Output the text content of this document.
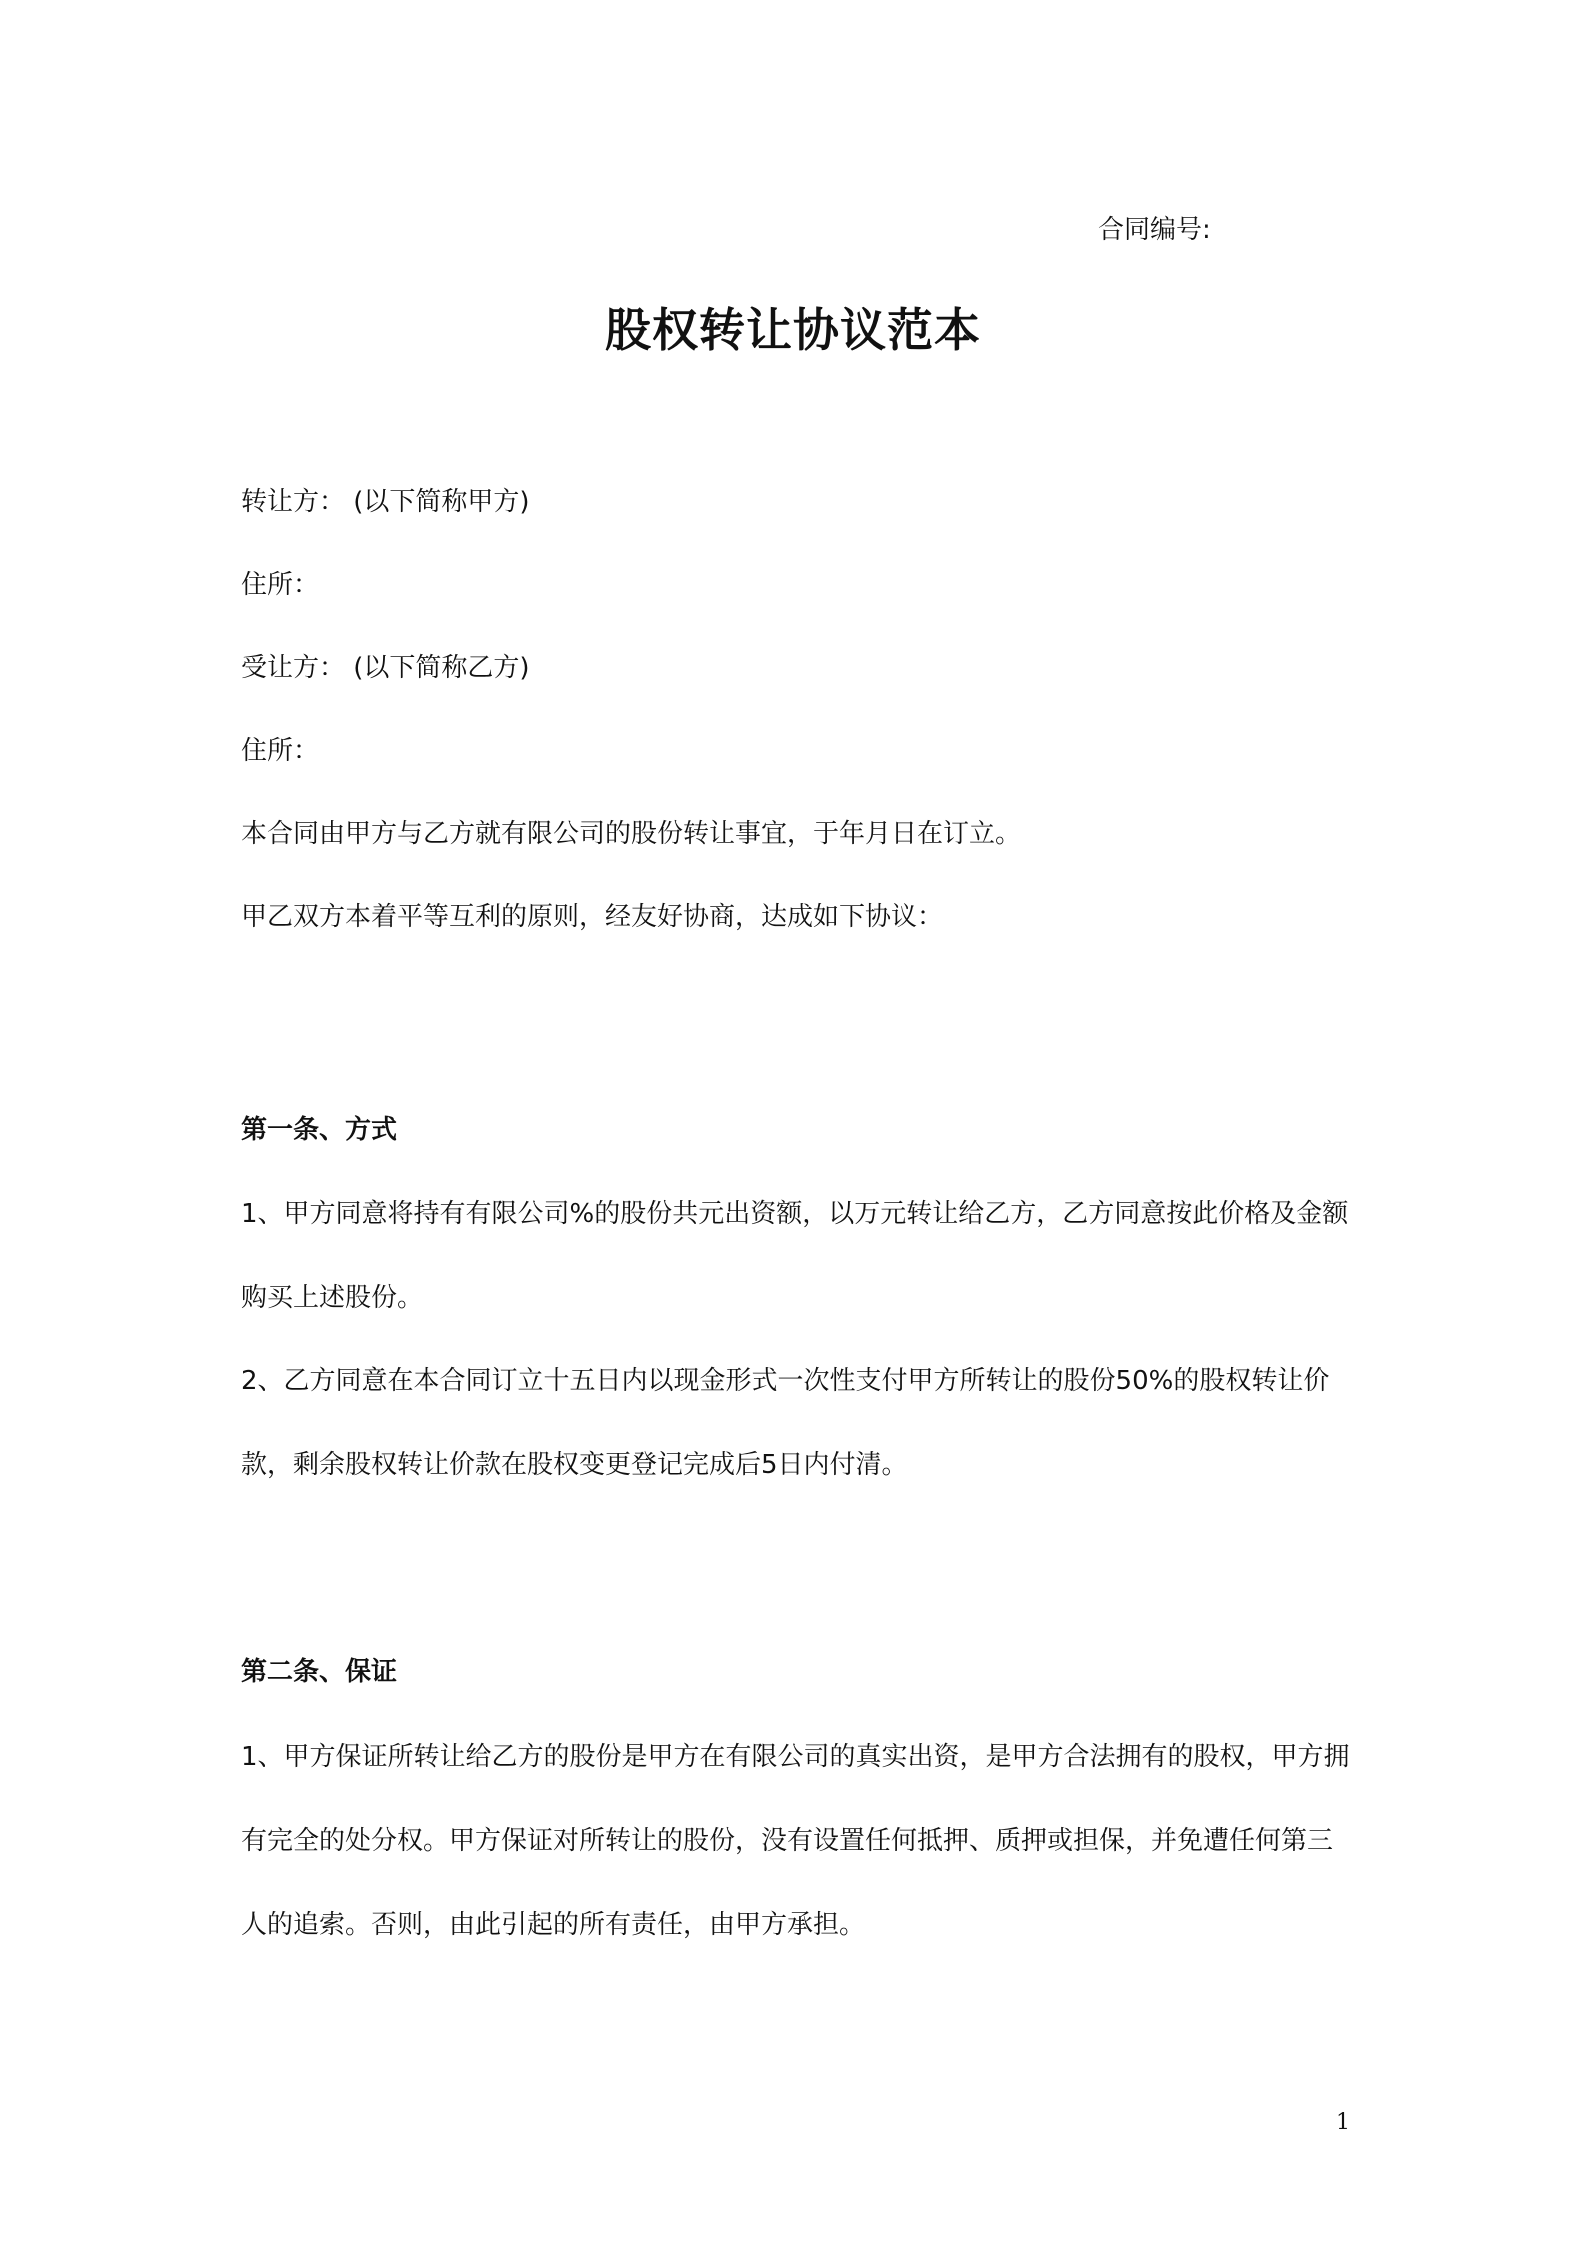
合同编号:
股权转让协议范本
转让方： (以下简称甲方)
住所：
受让方： (以下简称乙方)
住所：
本合同由甲方与乙方就有限公司的股份转让事宜，于年月日在订立。
甲乙双方本着平等互利的原则，经友好协商，达成如下协议：
第一条、方式
1、甲方同意将持有有限公司%的股份共元出资额，以万元转让给乙方，乙方同意按此价格及金额购买上述股份。
2、乙方同意在本合同订立十五日内以现金形式一次性支付甲方所转让的股份50%的股权转让价款，剩余股权转让价款在股权变更登记完成后5日内付清。
第二条、保证
1、甲方保证所转让给乙方的股份是甲方在有限公司的真实出资，是甲方合法拥有的股权，甲方拥有完全的处分权。甲方保证对所转让的股份，没有设置任何抵押、质押或担保，并免遭任何第三人的追索。否则，由此引起的所有责任，由甲方承担。
1
